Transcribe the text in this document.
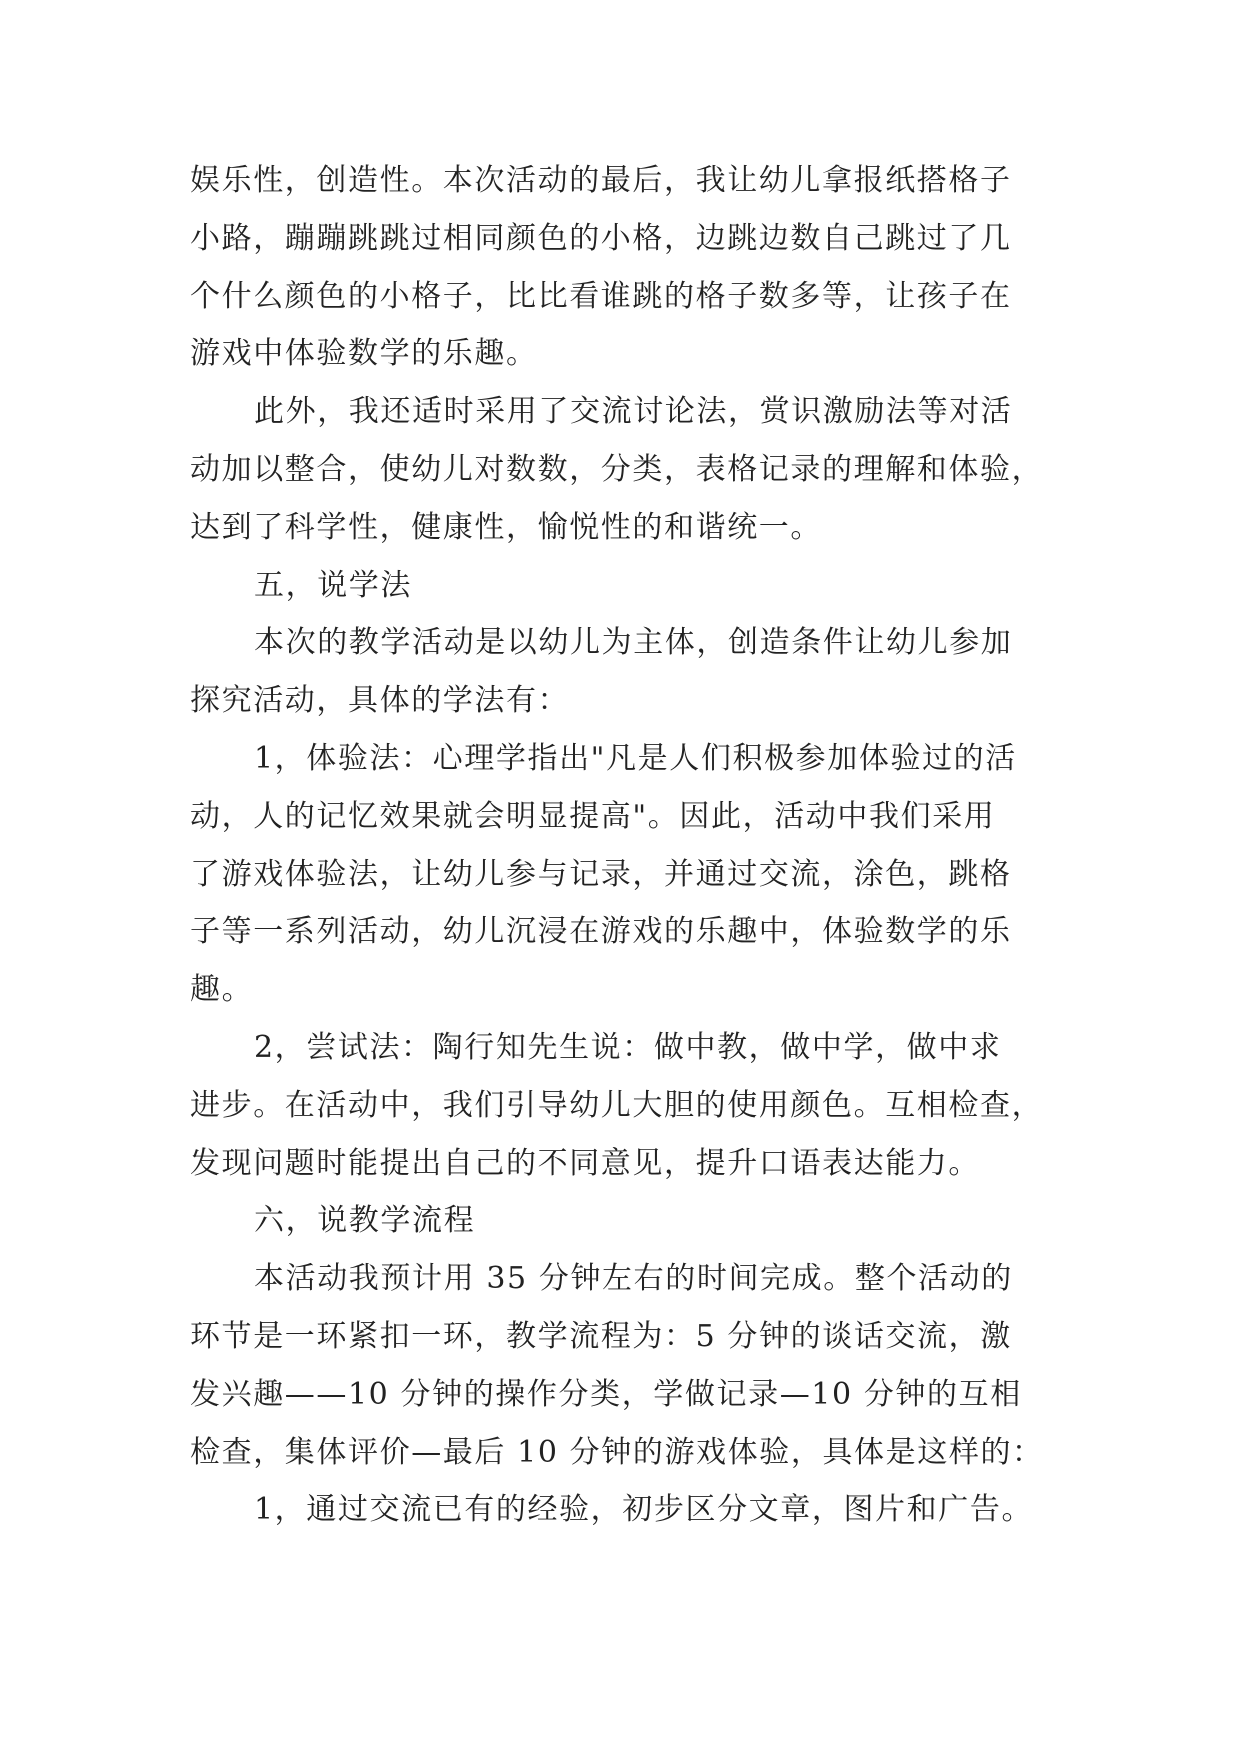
娱乐性，创造性。本次活动的最后，我让幼儿拿报纸搭格子
小路，蹦蹦跳跳过相同颜色的小格，边跳边数自己跳过了几
个什么颜色的小格子，比比看谁跳的格子数多等，让孩子在
游戏中体验数学的乐趣。
此外，我还适时采用了交流讨论法，赏识激励法等对活
动加以整合，使幼儿对数数，分类，表格记录的理解和体验，
达到了科学性，健康性，愉悦性的和谐统一。
五，说学法
本次的教学活动是以幼儿为主体，创造条件让幼儿参加
探究活动，具体的学法有：
1，体验法：心理学指出"凡是人们积极参加体验过的活
动，人的记忆效果就会明显提高"。因此，活动中我们采用
了游戏体验法，让幼儿参与记录，并通过交流，涂色，跳格
子等一系列活动，幼儿沉浸在游戏的乐趣中，体验数学的乐
趣。
2，尝试法：陶行知先生说：做中教，做中学，做中求
进步。在活动中，我们引导幼儿大胆的使用颜色。互相检查，
发现问题时能提出自己的不同意见，提升口语表达能力。
六，说教学流程
本活动我预计用 35 分钟左右的时间完成。整个活动的
环节是一环紧扣一环，教学流程为：5 分钟的谈话交流，激
发兴趣——10 分钟的操作分类，学做记录—10 分钟的互相
检查，集体评价—最后 10 分钟的游戏体验，具体是这样的：
1，通过交流已有的经验，初步区分文章，图片和广告。
